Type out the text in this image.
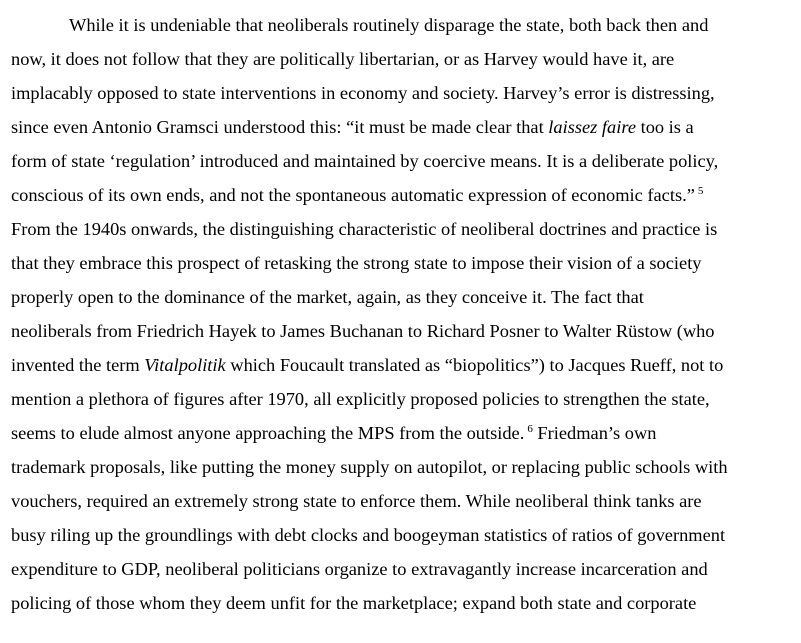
While it is undeniable that neoliberals routinely disparage the state, both back then and
now, it does not follow that they are politically libertarian, or as Harvey would have it, are
implacably opposed to state interventions in economy and society. Harvey’s error is distressing,
since even Antonio Gramsci understood this: “it must be made clear that laissez faire too is a
form of state ‘regulation’ introduced and maintained by coercive means. It is a deliberate policy,
conscious of its own ends, and not the spontaneous automatic expression of economic facts.” $^5$
From the 1940s onwards, the distinguishing characteristic of neoliberal doctrines and practice is
that they embrace this prospect of retasking the strong state to impose their vision of a society
properly open to the dominance of the market, again, as they conceive it. The fact that
neoliberals from Friedrich Hayek to James Buchanan to Richard Posner to Walter Rüstow (who
invented the term Vitalpolitik which Foucault translated as “biopolitics”) to Jacques Rueff, not to
mention a plethora of figures after 1970, all explicitly proposed policies to strengthen the state,
seems to elude almost anyone approaching the MPS from the outside. $^6$ Friedman’s own
trademark proposals, like putting the money supply on autopilot, or replacing public schools with
vouchers, required an extremely strong state to enforce them. While neoliberal think tanks are
busy riling up the groundlings with debt clocks and boogeyman statistics of ratios of government
expenditure to GDP, neoliberal politicians organize to extravagantly increase incarceration and
policing of those whom they deem unfit for the marketplace; expand both state and corporate
